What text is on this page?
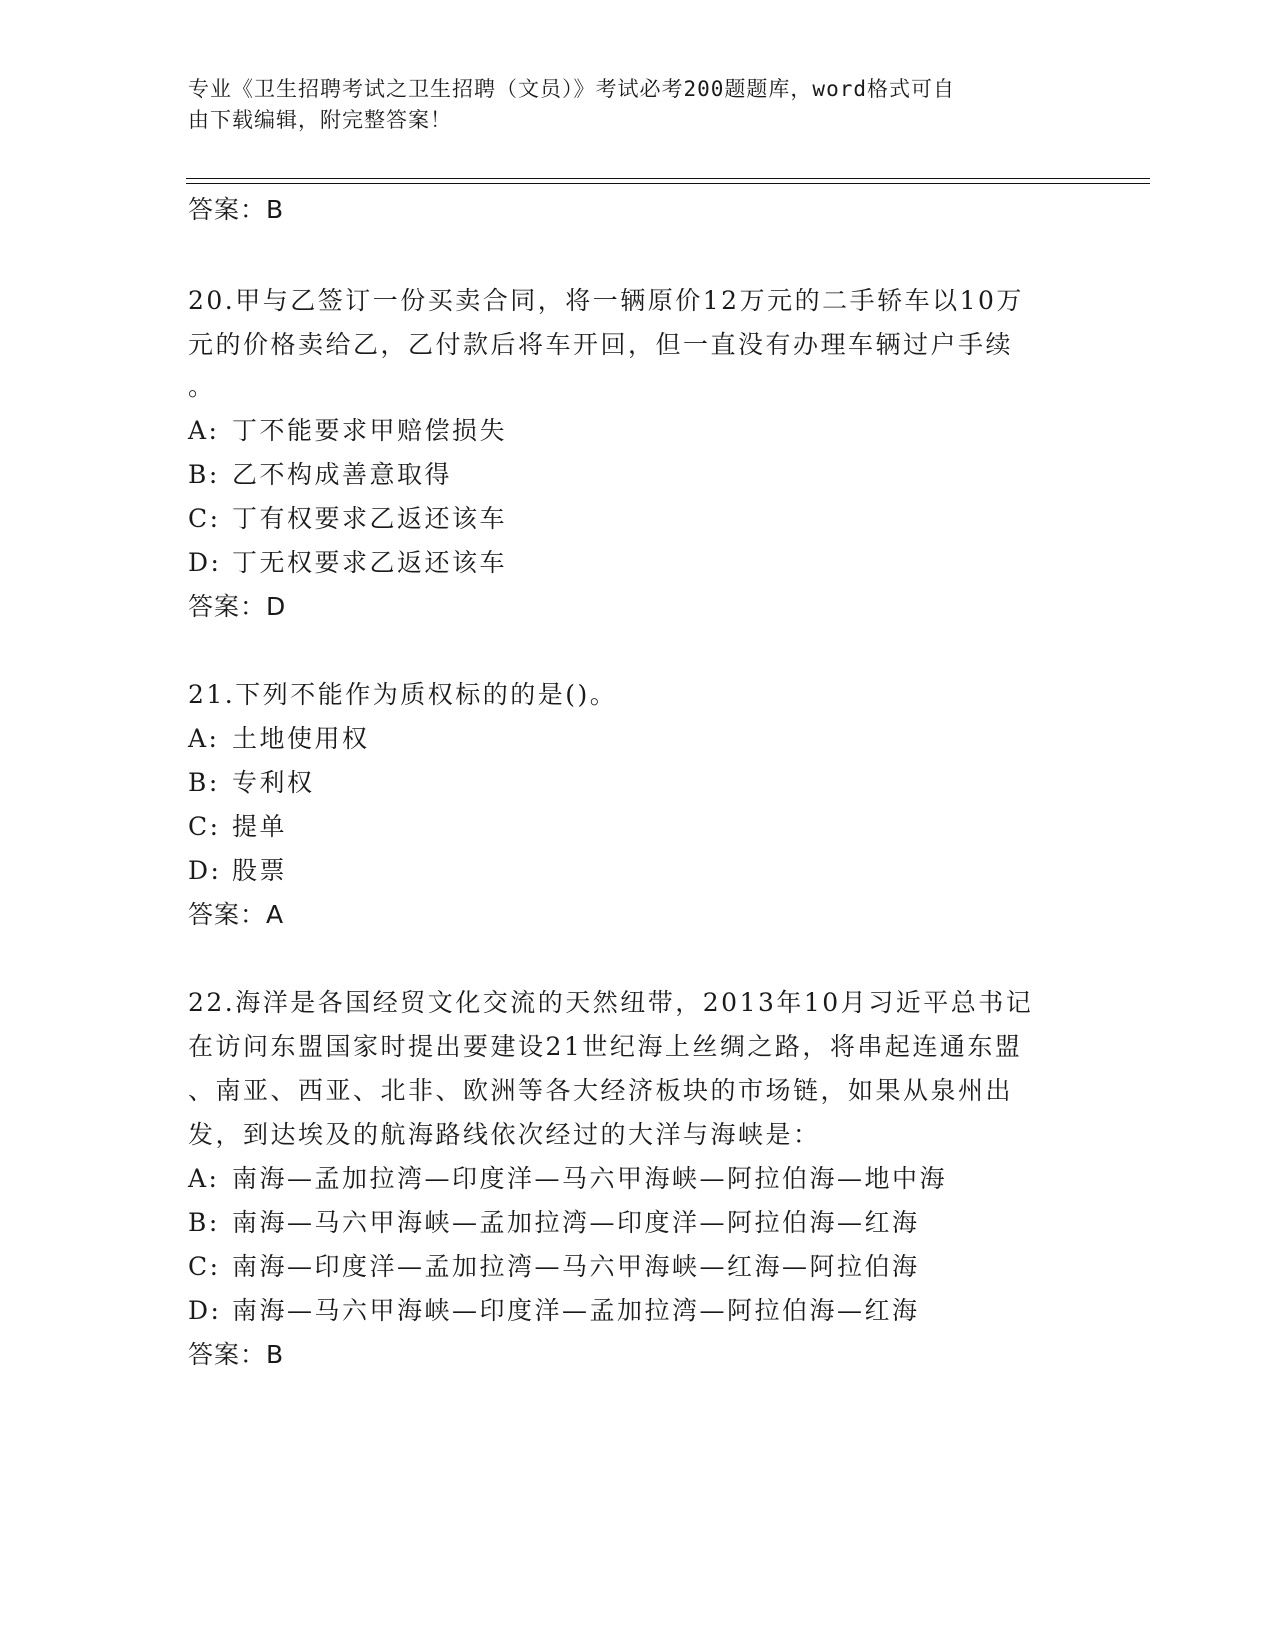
专业《卫生招聘考试之卫生招聘（文员）》考试必考200题题库，word格式可自
由下载编辑，附完整答案！
答案：B
20.甲与乙签订一份买卖合同，将一辆原价12万元的二手轿车以10万
元的价格卖给乙，乙付款后将车开回，但一直没有办理车辆过户手续
。
A: 丁不能要求甲赔偿损失
B: 乙不构成善意取得
C: 丁有权要求乙返还该车
D: 丁无权要求乙返还该车
答案：D
21.下列不能作为质权标的的是()。
A: 土地使用权
B: 专利权
C: 提单
D: 股票
答案：A
22.海洋是各国经贸文化交流的天然纽带，2013年10月习近平总书记
在访问东盟国家时提出要建设21世纪海上丝绸之路，将串起连通东盟
、南亚、西亚、北非、欧洲等各大经济板块的市场链，如果从泉州出
发，到达埃及的航海路线依次经过的大洋与海峡是：
A: 南海—孟加拉湾—印度洋—马六甲海峡—阿拉伯海—地中海
B: 南海—马六甲海峡—孟加拉湾—印度洋—阿拉伯海—红海
C: 南海—印度洋—孟加拉湾—马六甲海峡—红海—阿拉伯海
D: 南海—马六甲海峡—印度洋—孟加拉湾—阿拉伯海—红海
答案：B
